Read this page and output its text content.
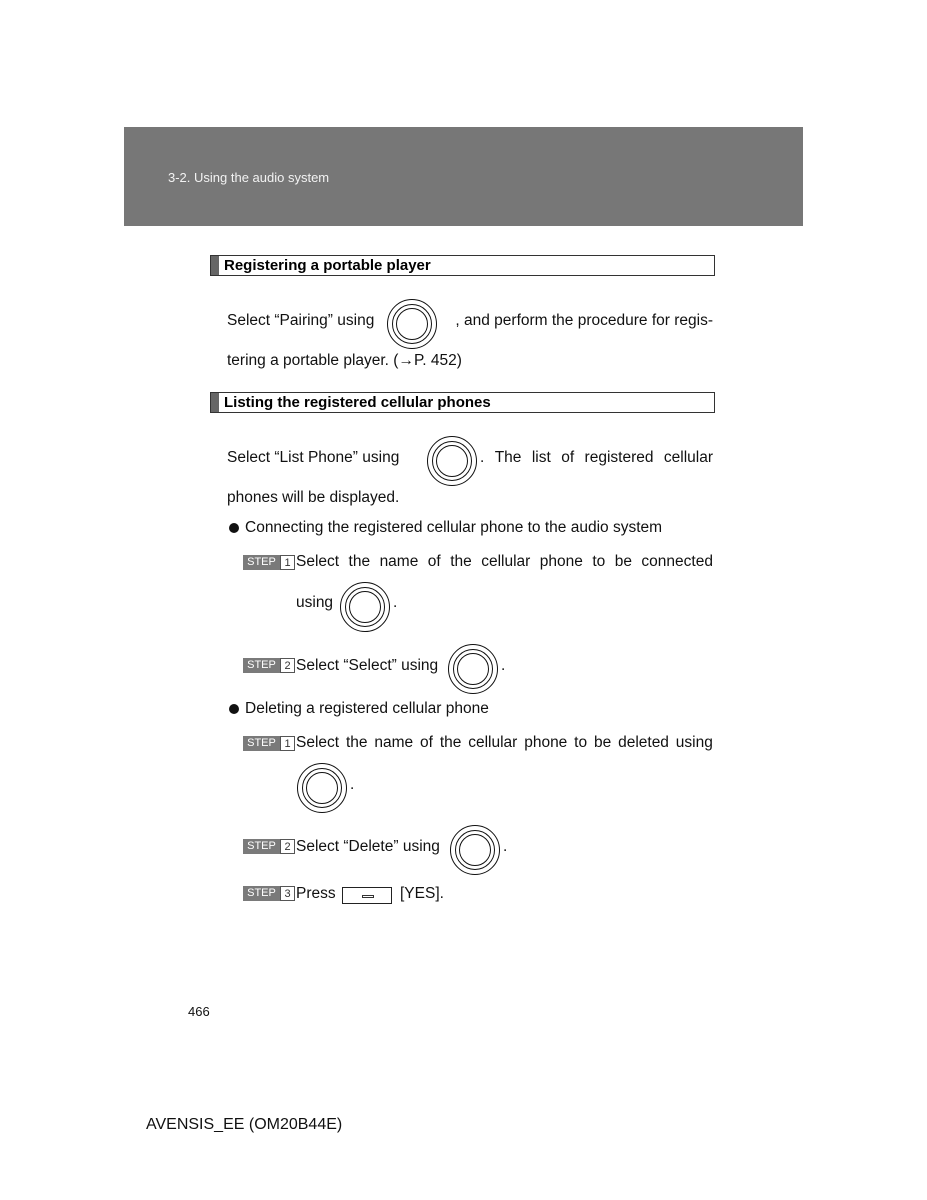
3-2. Using the audio system
Registering a portable player
Select “Pairing” using	, and perform the procedure for regis-
tering a portable player. (→P. 452)
Listing the registered cellular phones
Select “List Phone” using	. The list of registered cellular
phones will be displayed.
Connecting the registered cellular phone to the audio system
STEP 1 Select the name of the cellular phone to be connected
using	.
STEP 2 Select “Select” using	.
Deleting a registered cellular phone
STEP 1 Select the name of the cellular phone to be deleted using
.
STEP 2 Select “Delete” using	.
STEP 3 Press	[YES].
466
AVENSIS_EE (OM20B44E)
